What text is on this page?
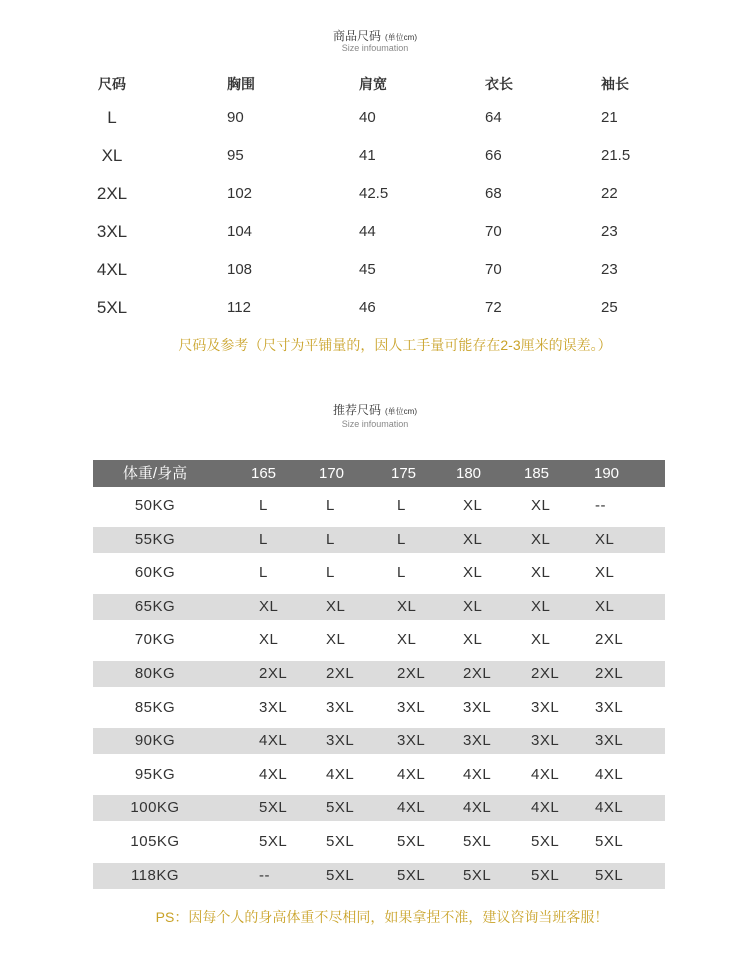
商品尺码 (单位cm)
Size infoumation
尺码	胸围	肩宽	衣长	袖长
L	90	40	64	21
XL	95	41	66	21.5
2XL	102	42.5	68	22
3XL	104	44	70	23
4XL	108	45	70	23
5XL	112	46	72	25
尺码及参考（尺寸为平铺量的，因人工手量可能存在2-3厘米的误差。）
推荐尺码 (单位cm)
Size infoumation
体重/身高	165	170	175	180	185	190
50KG	L	L	L	XL	XL	--
55KG	L	L	L	XL	XL	XL
60KG	L	L	L	XL	XL	XL
65KG	XL	XL	XL	XL	XL	XL
70KG	XL	XL	XL	XL	XL	2XL
80KG	2XL	2XL	2XL	2XL	2XL 2XL
85KG	3XL	3XL	3XL	3XL	3XL 3XL
90KG	4XL	3XL	3XL	3XL	3XL 3XL
95KG	4XL	4XL	4XL	4XL	4XL 4XL
100KG	5XL	5XL	4XL	4XL	4XL 4XL
105KG	5XL	5XL	5XL	5XL	5XL 5XL
118KG	--	5XL	5XL	5XL	5XL 5XL
PS：因每个人的身高体重不尽相同，如果拿捏不准，建议咨询当班客服！
